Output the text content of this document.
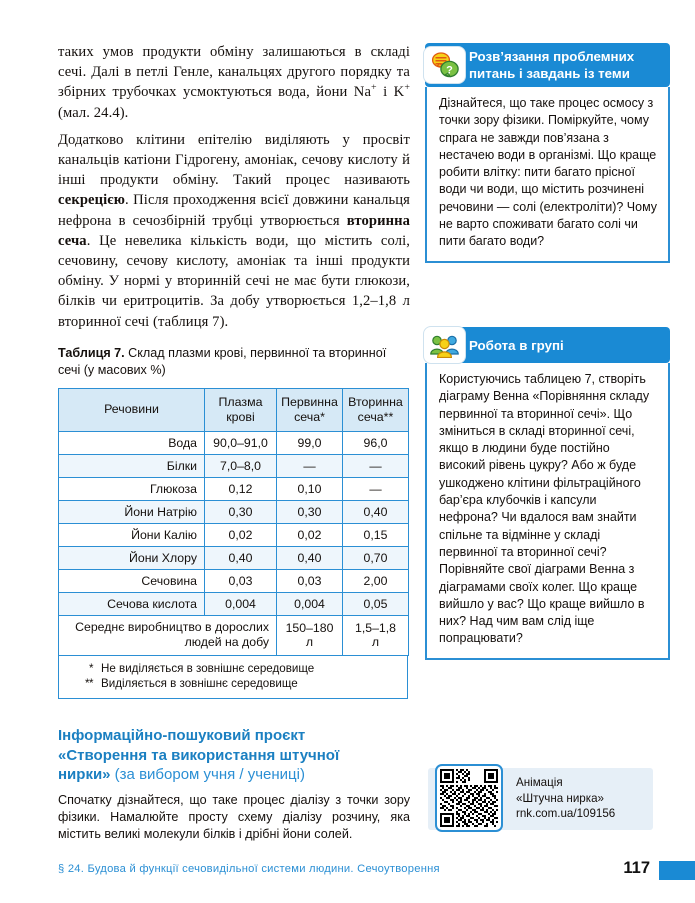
таких умов продукти обміну залишаються в складі сечі. Далі в петлі Генле, канальцях другого порядку та збірних трубочках усмоктуються вода, йони Na+ і K+ (мал. 24.4).

Додатково клітини епітелію виділяють у просвіт канальців катіони Гідрогену, амоніак, сечову кислоту й інші продукти обміну. Такий процес називають секрецією. Після проходження всієї довжини канальця нефрона в сечозбірній трубці утворюється вторинна сеча. Це невелика кількість води, що містить солі, сечовину, сечову кислоту, амоніак та інші продукти обміну. У нормі у вторинній сечі не має бути глюкози, білків чи еритроцитів. За добу утворюється 1,2–1,8 л вторинної сечі (таблиця 7).

Таблиця 7. Склад плазми крові, первинної та вторинної сечі (у масових %)
Речовини	Плазма крові	Первинна сеча*	Вторинна сеча**
Вода	90,0–91,0	99,0	96,0
Білки	7,0–8,0	—	—
Глюкоза	0,12	0,10	—
Йони Натрію	0,30	0,30	0,40
Йони Калію	0,02	0,02	0,15
Йони Хлору	0,40	0,40	0,70
Сечовина	0,03	0,03	2,00
Сечова кислота	0,004	0,004	0,05
Середнє виробництво в дорослих людей на добу		150–180 л	1,5–1,8 л
* Не виділяється в зовнішнє середовище
** Виділяється в зовнішнє середовище
Інформаційно-пошуковий проєкт
«Створення та використання штучної
нирки» (за вибором учня / учениці)
Спочатку дізнайтеся, що таке процес діалізу з точки зору фізики. Намалюйте просту схему діалізу розчину, яка містить великі молекули білків і дрібні йони солей.
?
Розв’язання проблемних питань і завдань із теми
Дізнайтеся, що таке процес осмосу з точки зору фізики. Поміркуйте, чому спрага не завжди пов’язана з нестачею води в організмі. Що краще робити влітку: пити багато прісної води чи води, що містить розчинені речовини — солі (електроліти)? Чому не варто споживати багато солі чи пити багато води?
Робота в групі
Користуючись таблицею 7, створіть діаграму Венна «Порівняння складу первинної та вторинної сечі». Що зміниться в складі вторинної сечі, якщо в людини буде постійно високий рівень цукру? Або ж буде ушкоджено клітини фільтраційного бар’єра клубочків і капсули нефрона? Чи вдалося вам знайти спільне та відмінне у складі первинної та вторинної сечі? Порівняйте свої діаграми Венна з діаграмами своїх колег. Що краще вийшло у вас? Що краще вийшло в них? Над чим вам слід іще попрацювати?
Анімація
«Штучна нирка»
rnk.com.ua/109156
§ 24. Будова й функції сечовидільної системи людини. Сечоутворення	117
